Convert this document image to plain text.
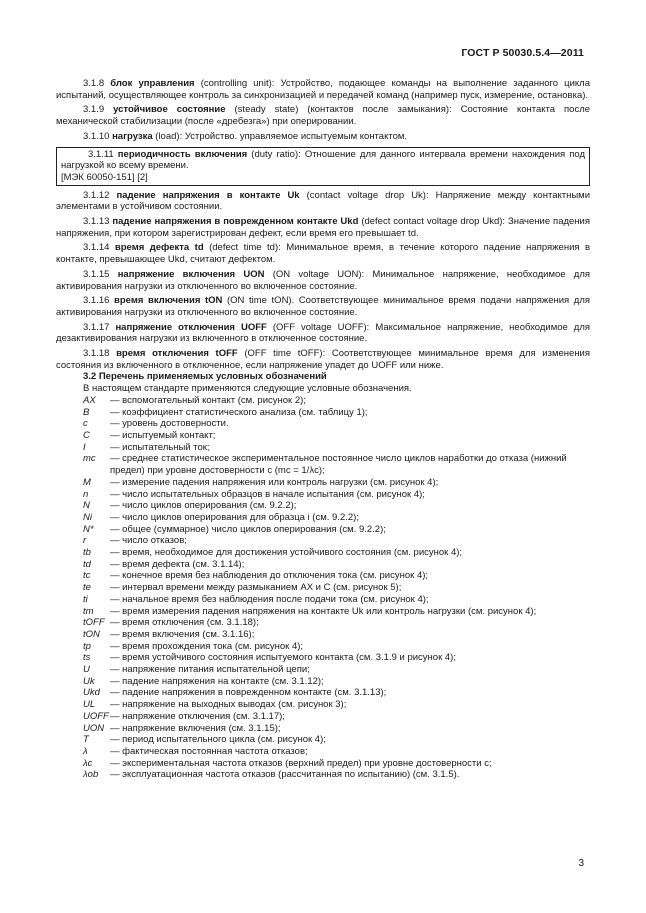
ГОСТ Р 50030.5.4—2011

3.1.8 блок управления (controlling unit): Устройство, подающее команды на выполнение заданного цикла испытаний, осуществляющее контроль за синхронизацией и передачей команд (например пуск, измерение, остановка).

3.1.9 устойчивое состояние (steady state) (контактов после замыкания): Состояние контакта после механической стабилизации (после «дребезга») при оперировании.

3.1.10 нагрузка (load): Устройство. управляемое испытуемым контактом.

3.1.11 периодичность включения (duty ratio): Отношение для данного интервала времени нахождения под нагрузкой ко всему времени.

[МЭК 60050-151] [2]

3.1.12 падение напряжения в контакте Uk (contact voltage drop Uk): Напряжение между контактными элементами в устойчивом состоянии.

3.1.13 падение напряжения в поврежденном контакте Ukd (defect contact voltage drop Ukd): Значение падения напряжения, при котором зарегистрирован дефект, если время его превышает td.

3.1.14 время дефекта td (defect time td): Минимальное время, в течение которого падение напряжения в контакте, превышающее Ukd, считают дефектом.

3.1.15 напряжение включения UON (ON voltage UON): Минимальное напряжение, необходимое для активирования нагрузки из отключенного во включенное состояние.

3.1.16 время включения tON (ON time tON). Соответствующее минимальное время подачи напряжения для активирования нагрузки из отключенного во включенное состояние.

3.1.17 напряжение отключения UOFF (OFF voltage UOFF): Максимальное напряжение, необходимое для дезактивирования нагрузки из включенного в отключенное состояние.

3.1.18 время отключения tOFF (OFF time tOFF): Соответствующее минимальное время для изменения состояния из включенного в отключенное, если напряжение упадет до UOFF или ниже.

3.2 Перечень применяемых условных обозначений

В настоящем стандарте применяются следующие условные обозначения.

AX	— вспомогательный контакт (см. рисунок 2);
B	— коэффициент статистического анализа (см. таблицу 1);
c	— уровень достоверности.
C	— испытуемый контакт;
I	— испытательный ток;
mc	— среднее статистическое экспериментальное постоянное число циклов наработки до отказа (нижний предел) при уровне достоверности c (mc = 1/λc);
M	— измерение падения напряжения или контроль нагрузки (см. рисунок 4);
n	— число испытательных образцов в начале испытания (см. рисунок 4);
N	— число циклов оперирования (см. 9.2.2);
Ni	— число циклов оперирования для образца i (см. 9.2.2);
N*	— общее (суммарное) число циклов оперирования (см. 9.2.2);
r	— число отказов;
tb	— время, необходимое для достижения устойчивого состояния (см. рисунок 4);
td	— время дефекта (см. 3.1.14);
tc	— конечное время без наблюдения до отключения тока (см. рисунок 4);
te	— интервал времени между размыканием AX и C (см. рисунок 5);
ti	— начальное время без наблюдения после подачи тока (см. рисунок 4);
tm	— время измерения падения напряжения на контакте Uk или контроль нагрузки (см. рисунок 4);
tOFF — время отключения (см. 3.1.18);
tON	— время включения (см. 3.1.16);
tp	— время прохождения тока (см. рисунок 4);
ts	— время устойчивого состояния испытуемого контакта (см. 3.1.9 и рисунок 4);
U	— напряжение питания испытательной цепи;
Uk	— падение напряжения на контакте (см. 3.1.12);
Ukd	— падение напряжения в поврежденном контакте (см. 3.1.13);
UL	— напряжение на выходных выводах (см. рисунок 3);
UOFF — напряжение отключения (см. 3.1.17);
UON — напряжение включения (см. 3.1.15);
T	— период испытательного цикла (см. рисунок 4);
λ	— фактическая постоянная частота отказов;
λc	— экспериментальная частота отказов (верхний предел) при уровне достоверности c;
λob	— эксплуатационная частота отказов (рассчитанная по испытанию) (см. 3.1.5).
3
